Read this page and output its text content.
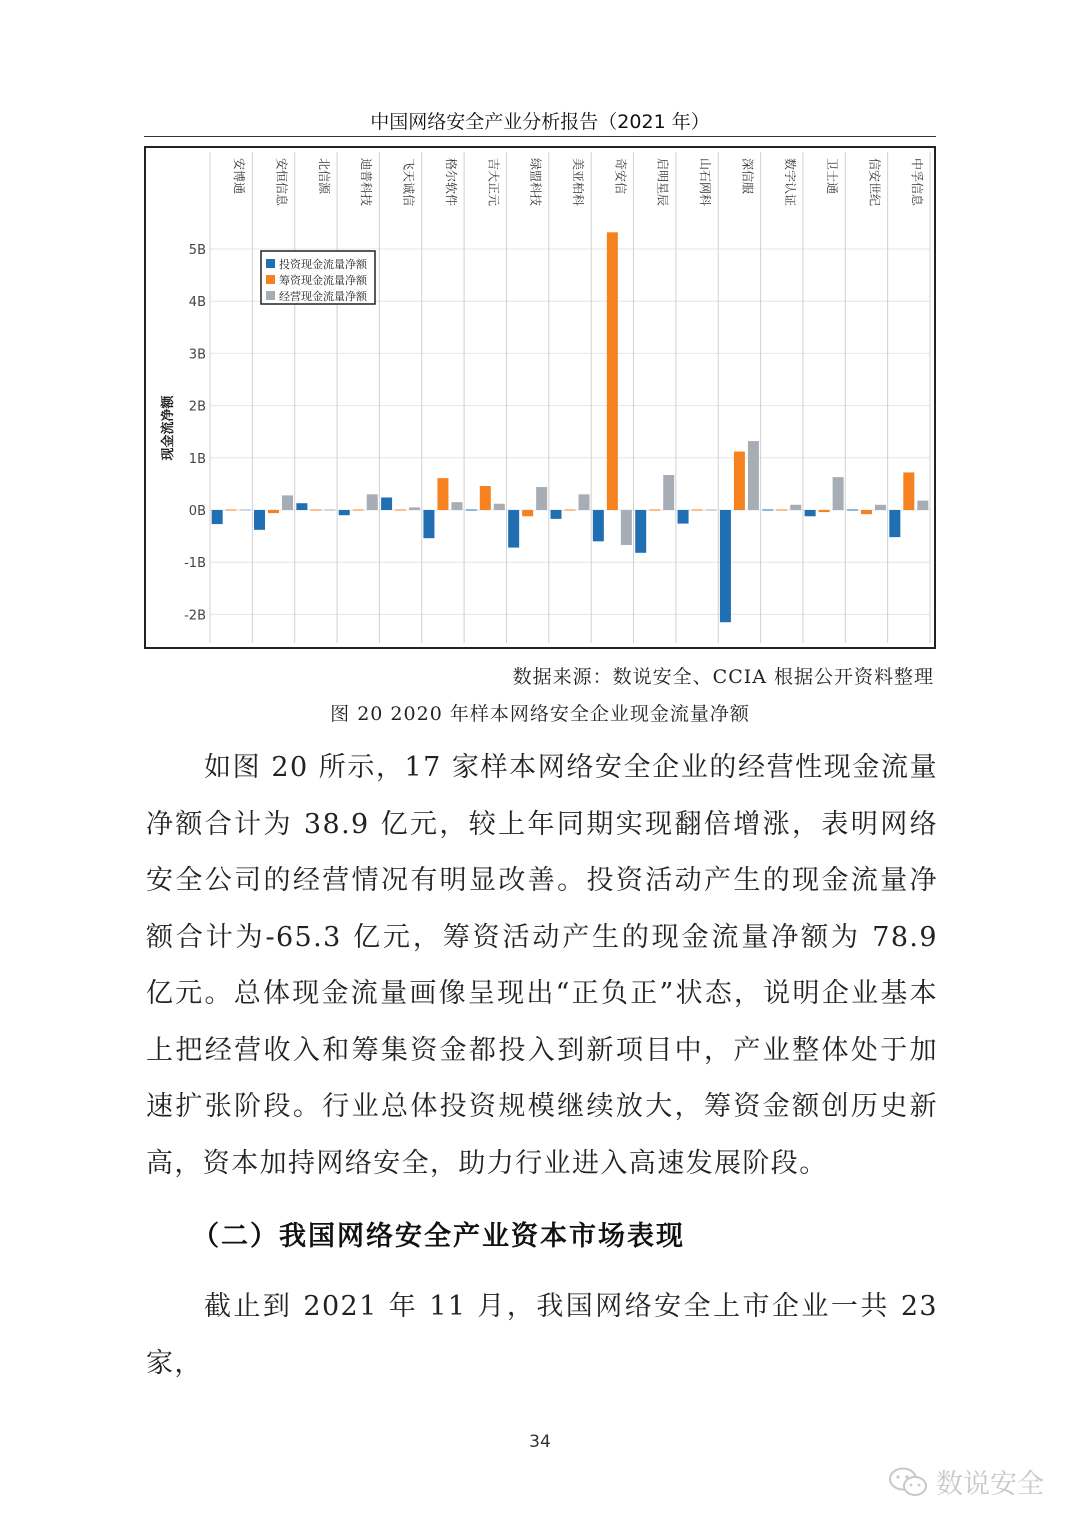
中国网络安全产业分析报告（2021 年）
-2B
-1B
0B
1B
2B
3B
4B
5B
安博通 安恒信息 北信源 迪普科技 飞天诚信 格尔软件 吉大正元 绿盟科技 美亚柏科 奇安信 启明星辰 山石网科 深信服 数字认证 卫士通 信安世纪 中孚信息
现金流净额
投资现金流量净额
筹资现金流量净额
经营现金流量净额
数据来源：数说安全、CCIA 根据公开资料整理
图 20 2020 年样本网络安全企业现金流量净额

如图 20 所示，17 家样本网络安全企业的经营性现金流量净额合计为 38.9 亿元，较上年同期实现翻倍增涨，表明网络安全公司的经营情况有明显改善。投资活动产生的现金流量净额合计为-65.3 亿元，筹资活动产生的现金流量净额为 78.9 亿元。总体现金流量画像呈现出“正负正”状态，说明企业基本上把经营收入和筹集资金都投入到新项目中，产业整体处于加速扩张阶段。行业总体投资规模继续放大，筹资金额创历史新高，资本加持网络安全，助力行业进入高速发展阶段。

（二）我国网络安全产业资本市场表现

截止到 2021 年 11 月，我国网络安全上市企业一共 23 家，

34
数说安全
